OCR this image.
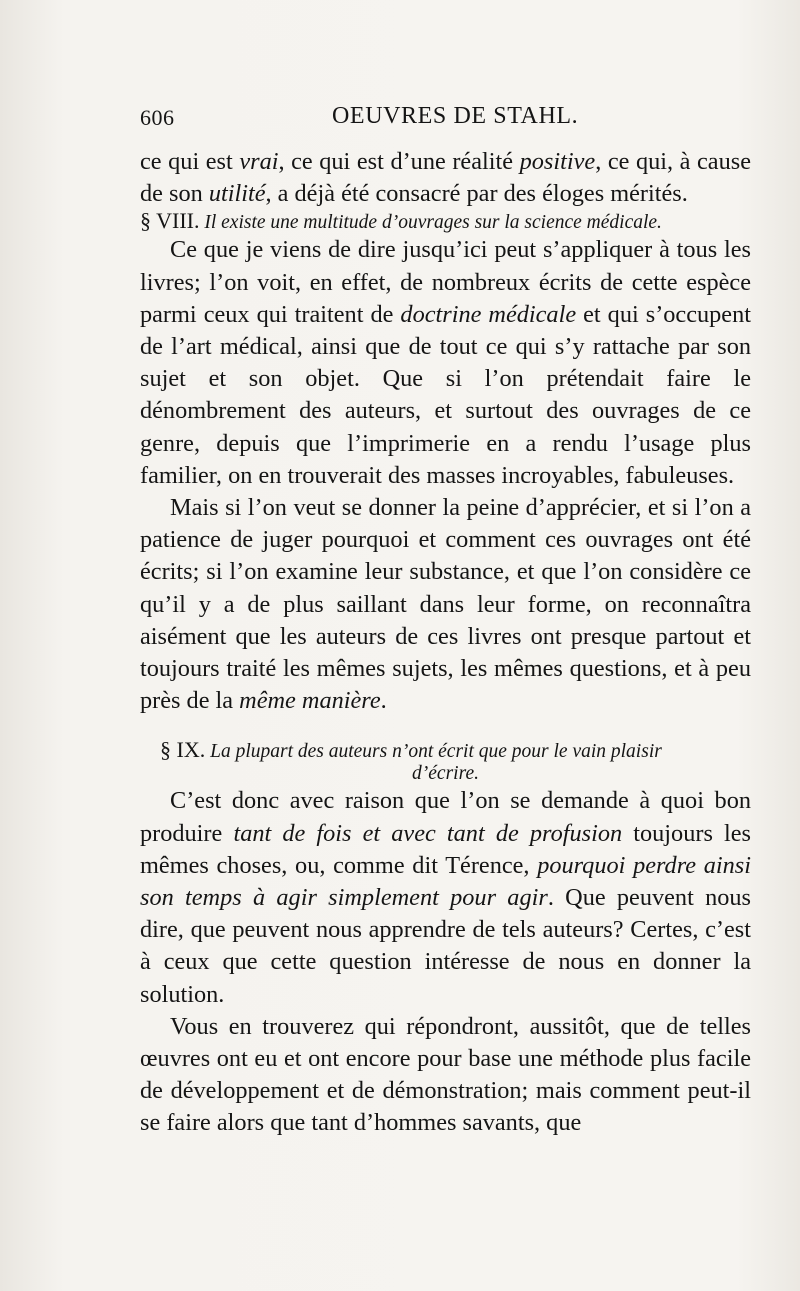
606	OEUVRES DE STAHL.

ce qui est vrai, ce qui est d’une réalité positive, ce qui, à cause de son utilité, a déjà été consacré par des éloges mérités.

§ VIII. Il existe une multitude d’ouvrages sur la science médicale.

Ce que je viens de dire jusqu’ici peut s’appliquer à tous les livres; l’on voit, en effet, de nombreux écrits de cette espèce parmi ceux qui traitent de doctrine médicale et qui s’occupent de l’art médical, ainsi que de tout ce qui s’y rattache par son sujet et son objet. Que si l’on prétendait faire le dénombrement des auteurs, et surtout des ouvrages de ce genre, depuis que l’imprimerie en a rendu l’usage plus familier, on en trouverait des masses incroyables, fabuleuses.

Mais si l’on veut se donner la peine d’apprécier, et si l’on a patience de juger pourquoi et comment ces ouvrages ont été écrits; si l’on examine leur substance, et que l’on considère ce qu’il y a de plus saillant dans leur forme, on reconnaîtra aisément que les auteurs de ces livres ont presque partout et toujours traité les mêmes sujets, les mêmes questions, et à peu près de la même manière.

§ IX. La plupart des auteurs n’ont écrit que pour le vain plaisir
d’écrire.

C’est donc avec raison que l’on se demande à quoi bon produire tant de fois et avec tant de profusion toujours les mêmes choses, ou, comme dit Térence, pourquoi perdre ainsi son temps à agir simplement pour agir. Que peuvent nous dire, que peuvent nous apprendre de tels auteurs? Certes, c’est à ceux que cette question intéresse de nous en donner la solution.

Vous en trouverez qui répondront, aussitôt, que de telles œuvres ont eu et ont encore pour base une méthode plus facile de développement et de démonstration; mais comment peut-il se faire alors que tant d’hommes savants, que
